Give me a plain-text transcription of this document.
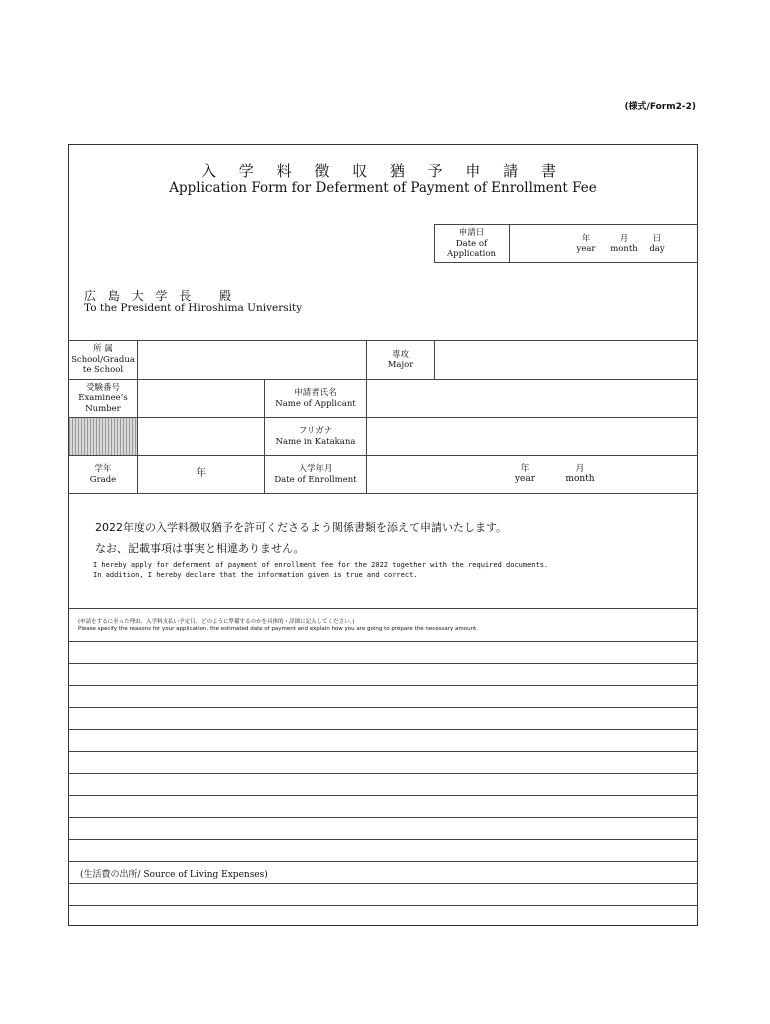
(様式/Form2-2)
入 学 料 徴 収 猶 予 申 請 書
Application Form for Deferment of Payment of Enrollment Fee
申請日
Date of
Application
年
year
月
month
日
day
広 島 大 学 長　 殿
To the President of Hiroshima University
所 属
School/Gradua
te School
専攻
Major
受験番号
Examinee’s
Number
申請者氏名
Name of Applicant
フリガナ
Name in Katakana
学年
Grade
年	入学年月
Date of Enrollment
年
year
月
month
2022年度の入学料徴収猶予を許可くださるよう関係書類を添えて申請いたします。
なお、記載事項は事実と相違ありません。
I hereby apply for deferment of payment of enrollment fee for the 2022 together with the required documents.
In addition, I hereby declare that the information given is true and correct.
(申請をするに至った理由、入学料支払い予定日、どのように準備するのかを具体的・詳細に記入してください。)
Please specify the reasons for your application, the estimated date of payment and explain how you are going to prepare the necessary amount.
(生活費の出所/ Source of Living Expenses)
